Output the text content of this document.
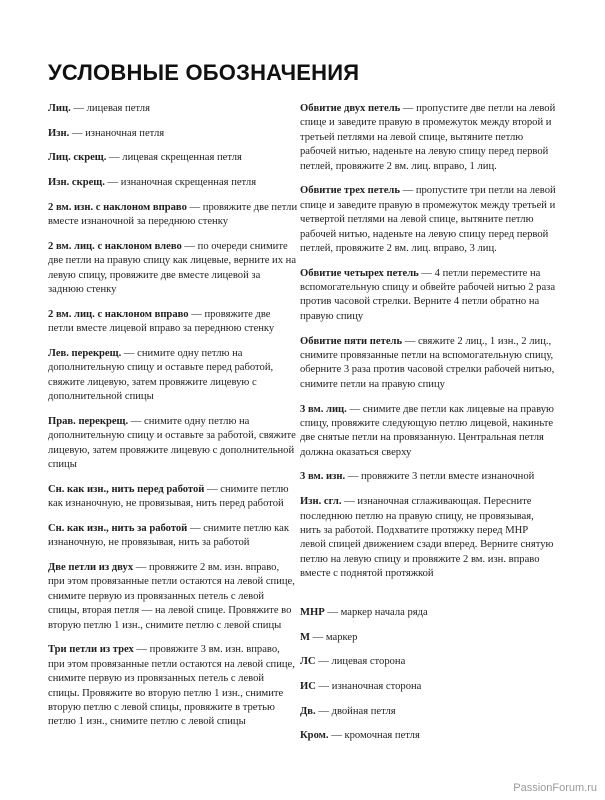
УСЛОВНЫЕ ОБОЗНАЧЕНИЯ
Лиц. — лицевая петля
Изн. — изнаночная петля
Лиц. скрещ. — лицевая скрещенная петля
Изн. скрещ. — изнаночная скрещенная петля
2 вм. изн. с наклоном вправо — провяжите две петли вместе изнаночной за переднюю стенку
2 вм. лиц. с наклоном влево — по очереди снимите две петли на правую спицу как лицевые, верните их на левую спицу, провяжите две вместе лицевой за заднюю стенку
2 вм. лиц. с наклоном вправо — провяжите две петли вместе лицевой вправо за переднюю стенку
Лев. перекрещ. — снимите одну петлю на дополнительную спицу и оставьте перед работой, свяжите лицевую, затем провяжите лицевую с дополнительной спицы
Прав. перекрещ. — снимите одну петлю на дополнительную спицу и оставьте за работой, свяжите лицевую, затем провяжите лицевую с дополнительной спицы
Сн. как изн., нить перед работой — снимите петлю как изнаночную, не провязывая, нить перед работой
Сн. как изн., нить за работой — снимите петлю как изнаночную, не провязывая, нить за работой
Две петли из двух — провяжите 2 вм. изн. вправо, при этом провязанные петли остаются на левой спице, снимите первую из провязанных петель с левой спицы, вторая петля — на левой спице. Провяжите во вторую петлю 1 изн., снимите петлю с левой спицы
Три петли из трех — провяжите 3 вм. изн. вправо, при этом провязанные петли остаются на левой спице, снимите первую из провязанных петель с левой спицы. Провяжите во вторую петлю 1 изн., снимите вторую петлю с левой спицы, провяжите в третью петлю 1 изн., снимите петлю с левой спицы
Обвитие двух петель — пропустите две петли на левой спице и заведите правую в промежуток между второй и третьей петлями на левой спице, вытяните петлю рабочей нитью, наденьте на левую спицу перед первой петлей, провяжите 2 вм. лиц. вправо, 1 лиц.
Обвитие трех петель — пропустите три петли на левой спице и заведите правую в промежуток между третьей и четвертой петлями на левой спице, вытяните петлю рабочей нитью, наденьте на левую спицу перед первой петлей, провяжите 2 вм. лиц. вправо, 3 лиц.
Обвитие четырех петель — 4 петли переместите на вспомогательную спицу и обвейте рабочей нитью 2 раза против часовой стрелки. Верните 4 петли обратно на правую спицу
Обвитие пяти петель — свяжите 2 лиц., 1 изн., 2 лиц., снимите провязанные петли на вспомогательную спицу, оберните 3 раза против часовой стрелки рабочей нитью, снимите петли на правую спицу
3 вм. лиц. — снимите две петли как лицевые на правую спицу, провяжите следующую петлю лицевой, накиньте две снятые петли на провязанную. Центральная петля должна оказаться сверху
3 вм. изн. — провяжите 3 петли вместе изнаночной
Изн. сгл. — изнаночная сглаживающая. Пересните последнюю петлю на правую спицу, не провязывая, нить за работой. Подхватите протяжку перед МНР левой спицей движением сзади вперед. Верните снятую петлю на левую спицу и провяжите 2 вм. изн. вправо вместе с поднятой протяжкой
МНР — маркер начала ряда
М — маркер
ЛС — лицевая сторона
ИС — изнаночная сторона
Дв. — двойная петля
Кром. — кромочная петля
PassionForum.ru
